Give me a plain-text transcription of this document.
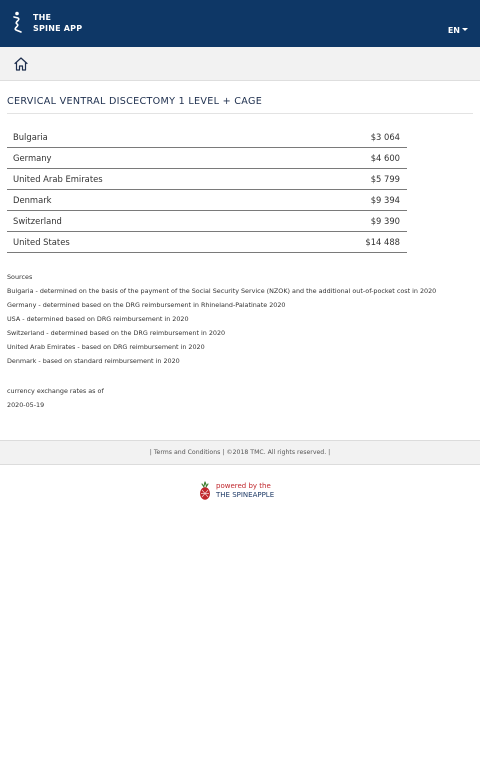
THE
SPINE APP	EN
CERVICAL VENTRAL DISCECTOMY 1 LEVEL + CAGE
Bulgaria	$3 064
Germany	$4 600
United Arab Emirates	$5 799
Denmark	$9 394
Switzerland	$9 390
United States	$14 488
Sources
Bulgaria - determined on the basis of the payment of the Social Security Service (NZOK) and the additional out-of-pocket cost in 2020
Germany - determined based on the DRG reimbursement in Rhineland-Palatinate 2020
USA - determined based on DRG reimbursement in 2020
Switzerland - determined based on the DRG reimbursement in 2020
United Arab Emirates - based on DRG reimbursement in 2020
Denmark - based on standard reimbursement in 2020
currency exchange rates as of
2020-05-19
| Terms and Conditions | ©2018 TMC. All rights reserved. |
powered by the
THE SPINEAPPLE
